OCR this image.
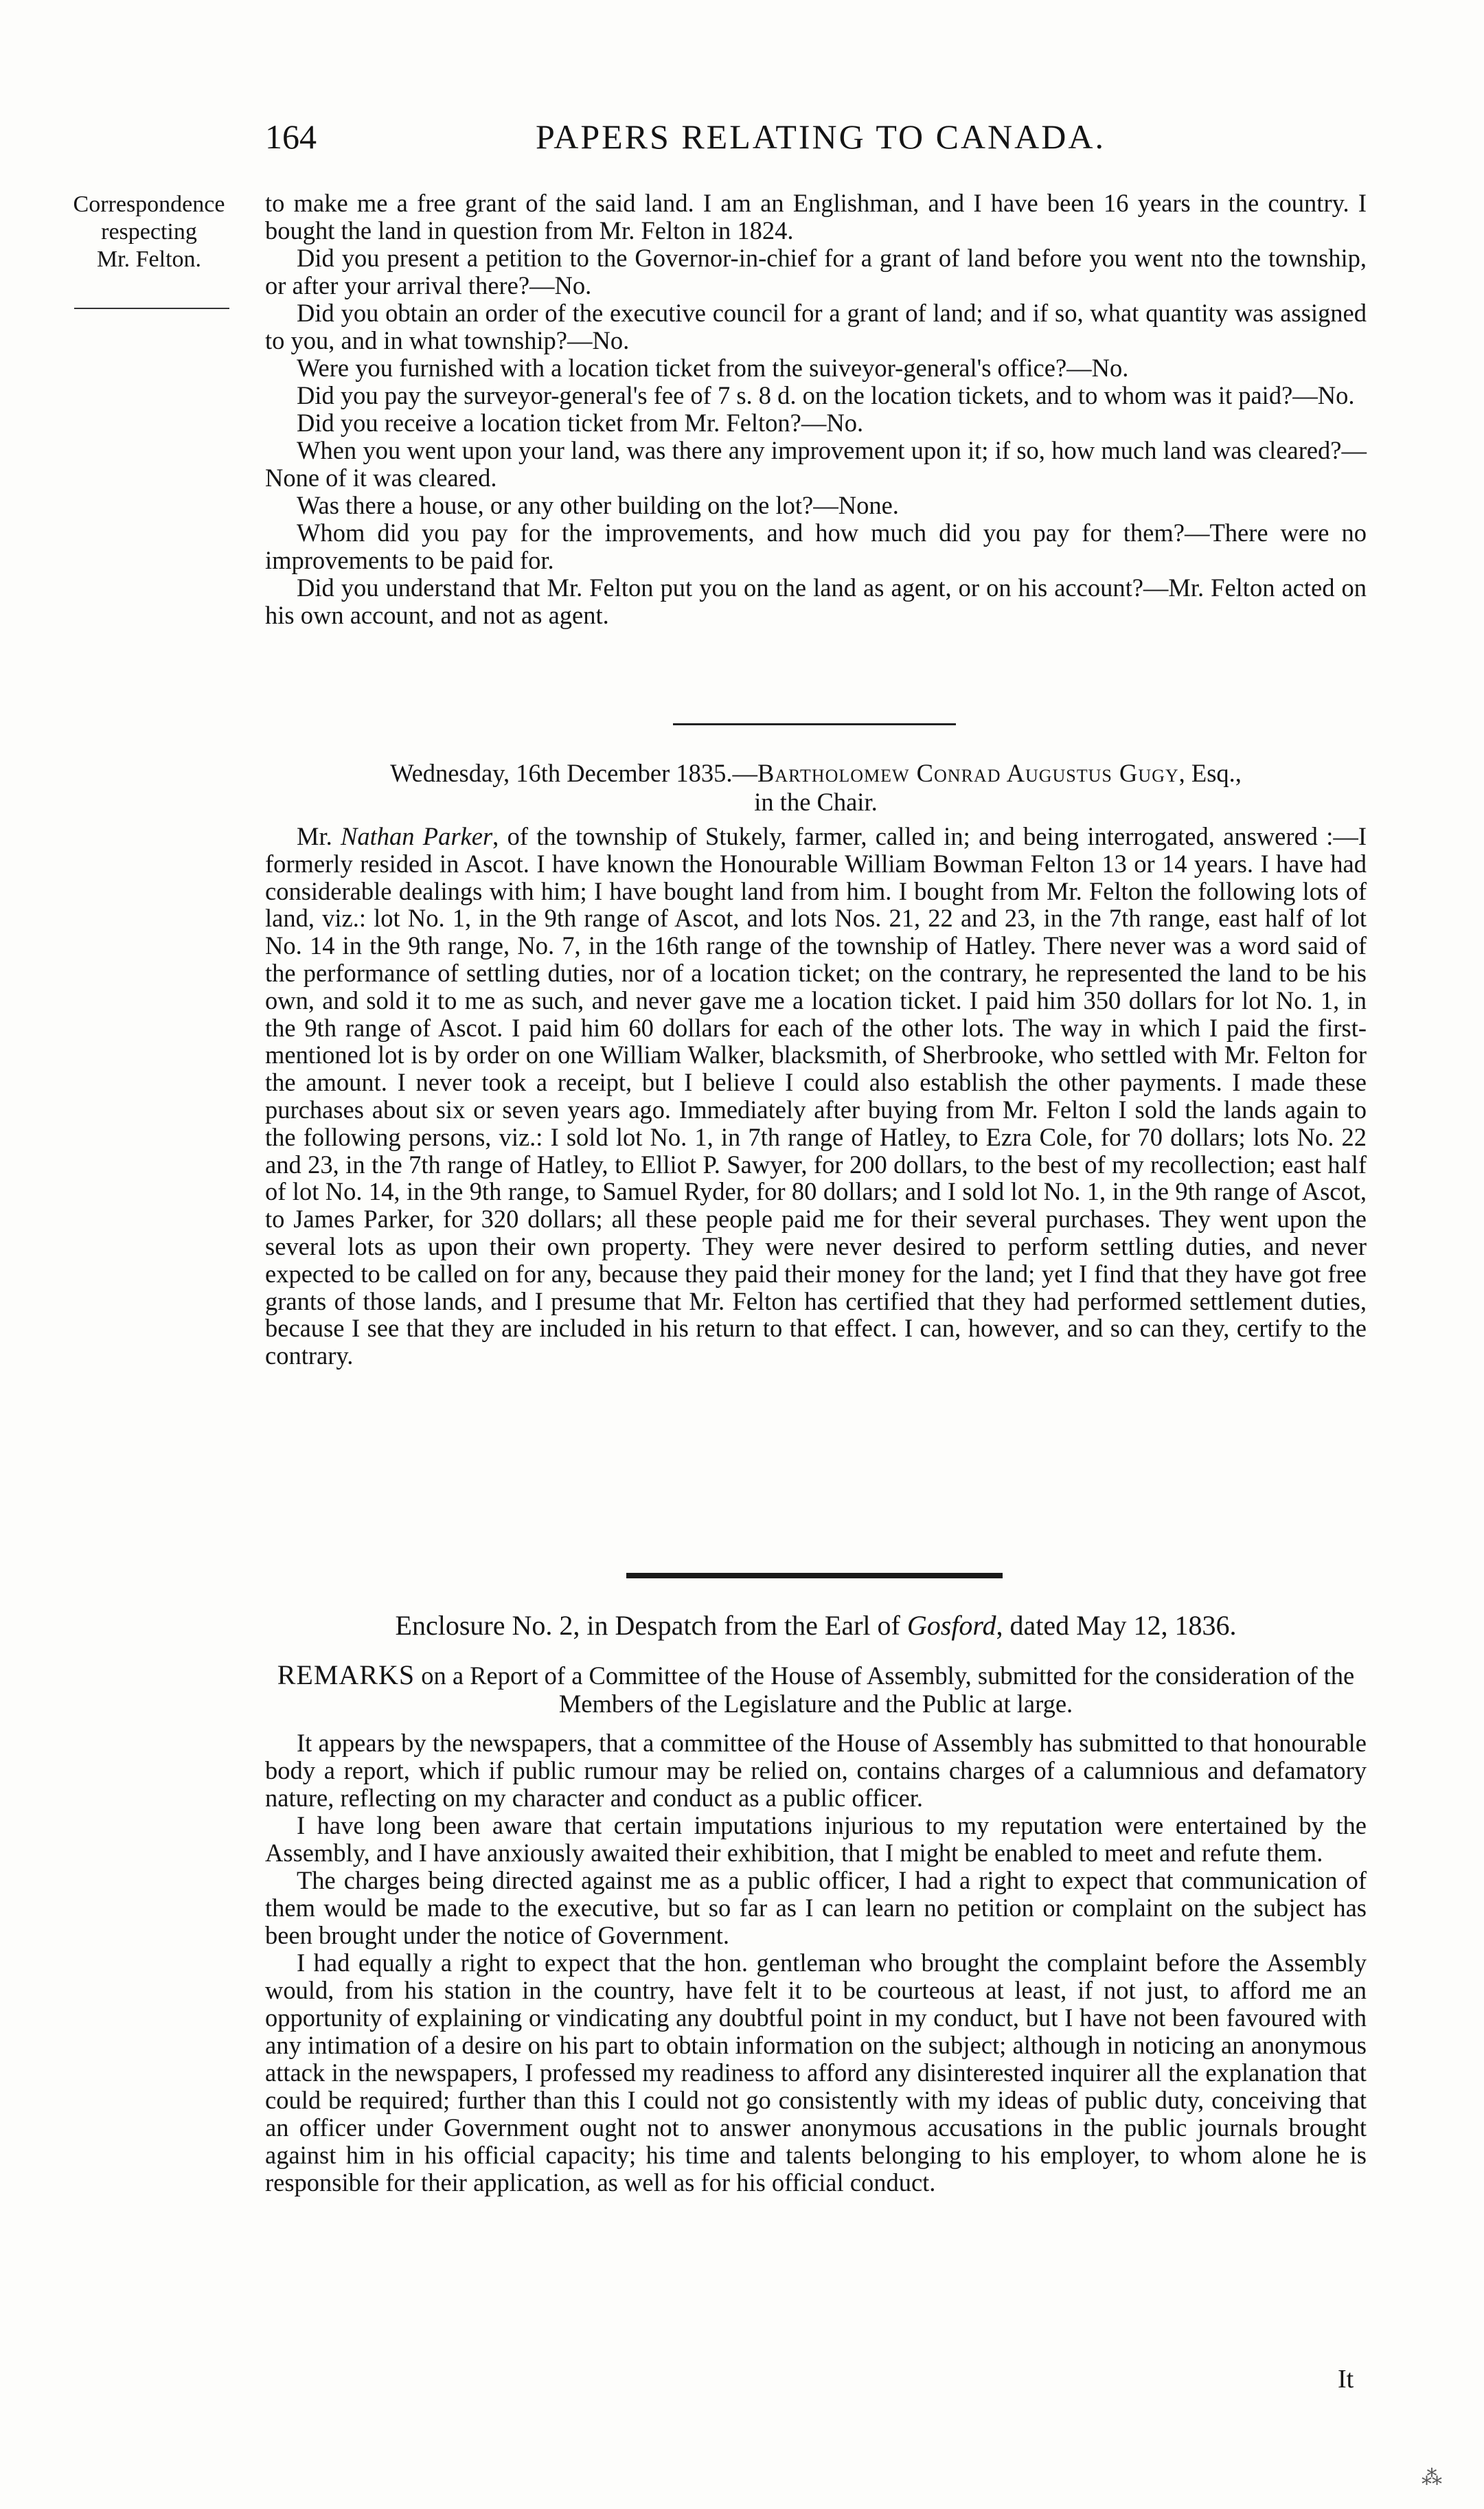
164	PAPERS RELATING TO CANADA.
Correspondence
respecting
Mr. Felton.

to make me a free grant of the said land. I am an Englishman, and I have been 16 years in the country. I bought the land in question from Mr. Felton in 1824.

Did you present a petition to the Governor-in-chief for a grant of land before you went nto the township, or after your arrival there?—No.

Did you obtain an order of the executive council for a grant of land; and if so, what quantity was assigned to you, and in what township?—No.

Were you furnished with a location ticket from the suiveyor-general's office?—No.

Did you pay the surveyor-general's fee of 7 s. 8 d. on the location tickets, and to whom was it paid?—No.

Did you receive a location ticket from Mr. Felton?—No.

When you went upon your land, was there any improvement upon it; if so, how much land was cleared?—None of it was cleared.

Was there a house, or any other building on the lot?—None.

Whom did you pay for the improvements, and how much did you pay for them?—There were no improvements to be paid for.

Did you understand that Mr. Felton put you on the land as agent, or on his account?—Mr. Felton acted on his own account, and not as agent.

Wednesday, 16th December 1835.—Bartholomew Conrad Augustus Gugy, Esq.,
in the Chair.

Mr. Nathan Parker, of the township of Stukely, farmer, called in; and being interrogated, answered :—I formerly resided in Ascot. I have known the Honourable William Bowman Felton 13 or 14 years. I have had considerable dealings with him; I have bought land from him. I bought from Mr. Felton the following lots of land, viz.: lot No. 1, in the 9th range of Ascot, and lots Nos. 21, 22 and 23, in the 7th range, east half of lot No. 14 in the 9th range, No. 7, in the 16th range of the township of Hatley. There never was a word said of the performance of settling duties, nor of a location ticket; on the contrary, he represented the land to be his own, and sold it to me as such, and never gave me a location ticket. I paid him 350 dollars for lot No. 1, in the 9th range of Ascot. I paid him 60 dollars for each of the other lots. The way in which I paid the first-mentioned lot is by order on one William Walker, blacksmith, of Sherbrooke, who settled with Mr. Felton for the amount. I never took a receipt, but I believe I could also establish the other payments. I made these purchases about six or seven years ago. Immediately after buying from Mr. Felton I sold the lands again to the following persons, viz.: I sold lot No. 1, in 7th range of Hatley, to Ezra Cole, for 70 dollars; lots No. 22 and 23, in the 7th range of Hatley, to Elliot P. Sawyer, for 200 dollars, to the best of my recollection; east half of lot No. 14, in the 9th range, to Samuel Ryder, for 80 dollars; and I sold lot No. 1, in the 9th range of Ascot, to James Parker, for 320 dollars; all these people paid me for their several purchases. They went upon the several lots as upon their own property. They were never desired to perform settling duties, and never expected to be called on for any, because they paid their money for the land; yet I find that they have got free grants of those lands, and I presume that Mr. Felton has certified that they had performed settlement duties, because I see that they are included in his return to that effect. I can, however, and so can they, certify to the contrary.

Enclosure No. 2, in Despatch from the Earl of Gosford, dated May 12, 1836.

REMARKS on a Report of a Committee of the House of Assembly, submitted for the consideration of the Members of the Legislature and the Public at large.

It appears by the newspapers, that a committee of the House of Assembly has submitted to that honourable body a report, which if public rumour may be relied on, contains charges of a calumnious and defamatory nature, reflecting on my character and conduct as a public officer.

I have long been aware that certain imputations injurious to my reputation were entertained by the Assembly, and I have anxiously awaited their exhibition, that I might be enabled to meet and refute them.

The charges being directed against me as a public officer, I had a right to expect that communication of them would be made to the executive, but so far as I can learn no petition or complaint on the subject has been brought under the notice of Government.

I had equally a right to expect that the hon. gentleman who brought the complaint before the Assembly would, from his station in the country, have felt it to be courteous at least, if not just, to afford me an opportunity of explaining or vindicating any doubtful point in my conduct, but I have not been favoured with any intimation of a desire on his part to obtain information on the subject; although in noticing an anonymous attack in the newspapers, I professed my readiness to afford any disinterested inquirer all the explanation that could be required; further than this I could not go consistently with my ideas of public duty, conceiving that an officer under Government ought not to answer anonymous accusations in the public journals brought against him in his official capacity; his time and talents belonging to his employer, to whom alone he is responsible for their application, as well as for his official conduct.

It
⁂
